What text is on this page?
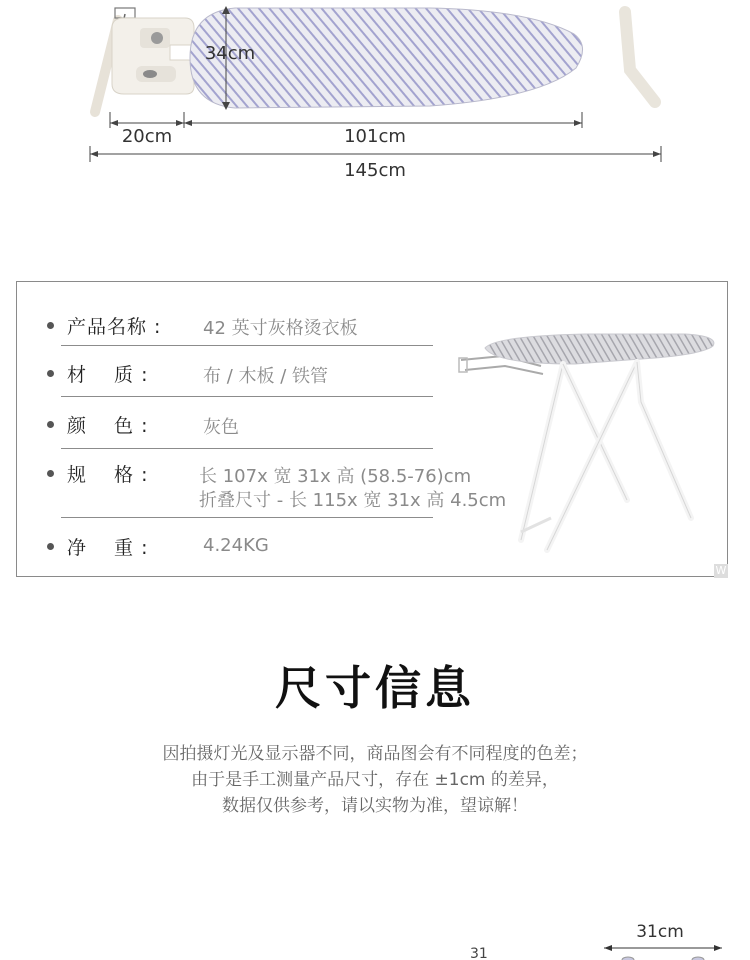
34cm
20cm	101cm
145cm
产品名称 : 42 英寸灰格烫衣板
材　 质 :	布 / 木板 / 铁管
颜　 色 :	灰色
规　 格 :	长 107x 宽 31x 高 (58.5-76)cm
折叠尺寸 - 长 115x 宽 31x 高 4.5cm
净　 重 :	4.24KG
W
尺寸信息
因拍摄灯光及显示器不同，商品图会有不同程度的色差；
由于是手工测量产品尺寸，存在 ±1cm 的差异，
数据仅供参考，请以实物为准，望谅解！
31cm
31
